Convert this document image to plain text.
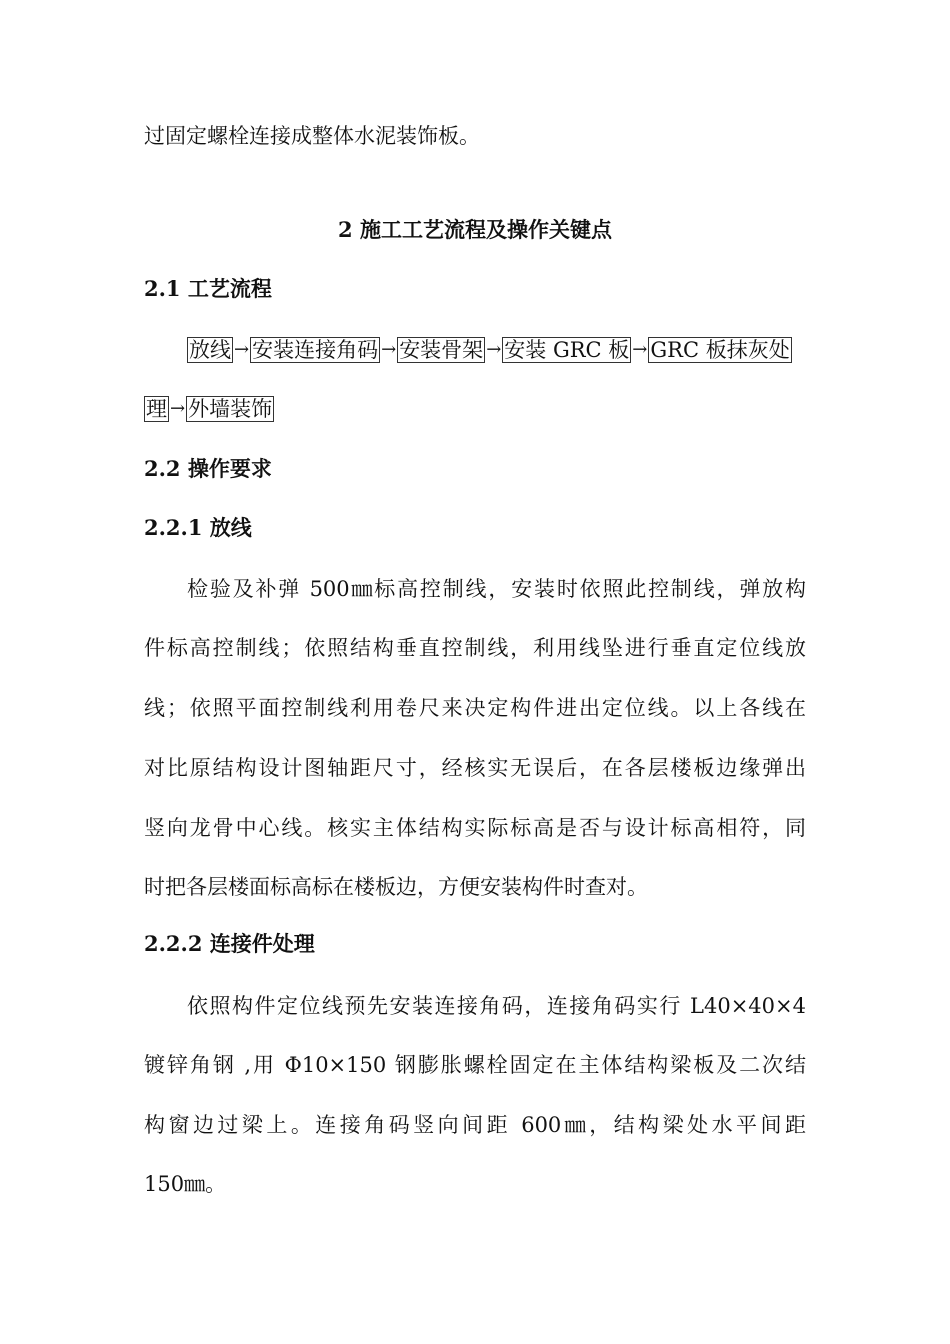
过固定螺栓连接成整体水泥装饰板。
2 施工工艺流程及操作关键点
2.1 工艺流程
放线 → 安装连接角码 → 安装骨架 → 安装 GRC 板 → GRC 板抹灰处
理 → 外墙装饰
2.2 操作要求
2.2.1 放线
检验及补弹 500㎜标高控制线，安装时依照此控制线，弹放构
件标高控制线；依照结构垂直控制线，利用线坠进行垂直定位线放
线；依照平面控制线利用卷尺来决定构件进出定位线。以上各线在
对比原结构设计图轴距尺寸，经核实无误后，在各层楼板边缘弹出
竖向龙骨中心线。核实主体结构实际标高是否与设计标高相符，同
时把各层楼面标高标在楼板边，方便安装构件时查对。
2.2.2 连接件处理
依照构件定位线预先安装连接角码，连接角码实行 L40×40×4
镀锌角钢 ,用 Φ10×150 钢膨胀螺栓固定在主体结构梁板及二次结
构窗边过梁上。连接角码竖向间距 600㎜，结构梁处水平间距
150㎜。
